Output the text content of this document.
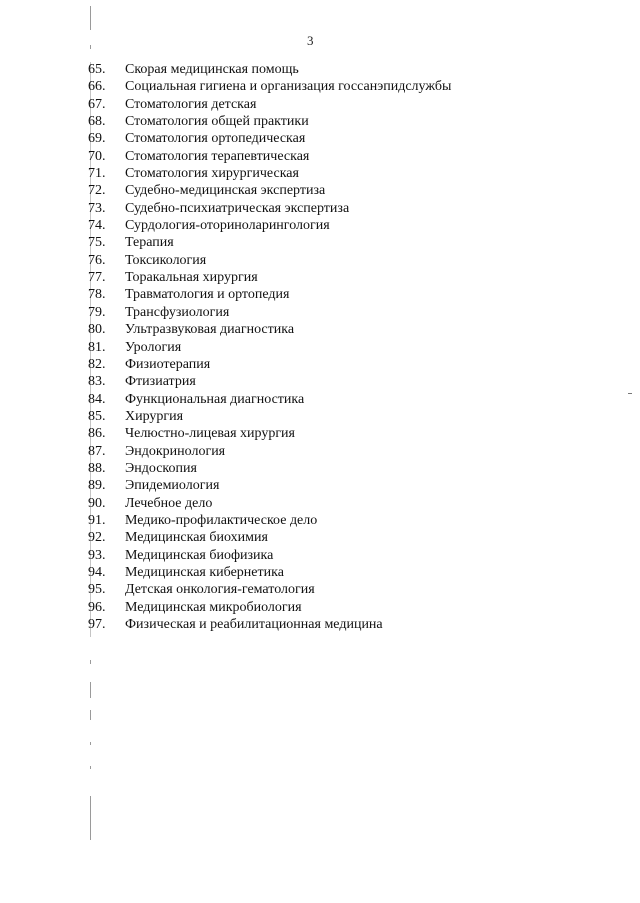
3
65.	Скорая медицинская помощь
66.	Социальная гигиена и организация госсанэпидслужбы
67.	Стоматология детская
68.	Стоматология общей практики
69.	Стоматология ортопедическая
70.	Стоматология терапевтическая
71.	Стоматология хирургическая
72.	Судебно-медицинская экспертиза
73.	Судебно-психиатрическая экспертиза
74.	Сурдология-оториноларингология
75.	Терапия
76.	Токсикология
77.	Торакальная хирургия
78.	Травматология и ортопедия
79.	Трансфузиология
80.	Ультразвуковая диагностика
81.	Урология
82.	Физиотерапия
83.	Фтизиатрия
84.	Функциональная диагностика
85.	Хирургия
86.	Челюстно-лицевая хирургия
87.	Эндокринология
88.	Эндоскопия
89.	Эпидемиология
90.	Лечебное дело
91.	Медико-профилактическое дело
92.	Медицинская биохимия
93.	Медицинская биофизика
94.	Медицинская кибернетика
95.	Детская онкология-гематология
96.	Медицинская микробиология
97.	Физическая и реабилитационная медицина
